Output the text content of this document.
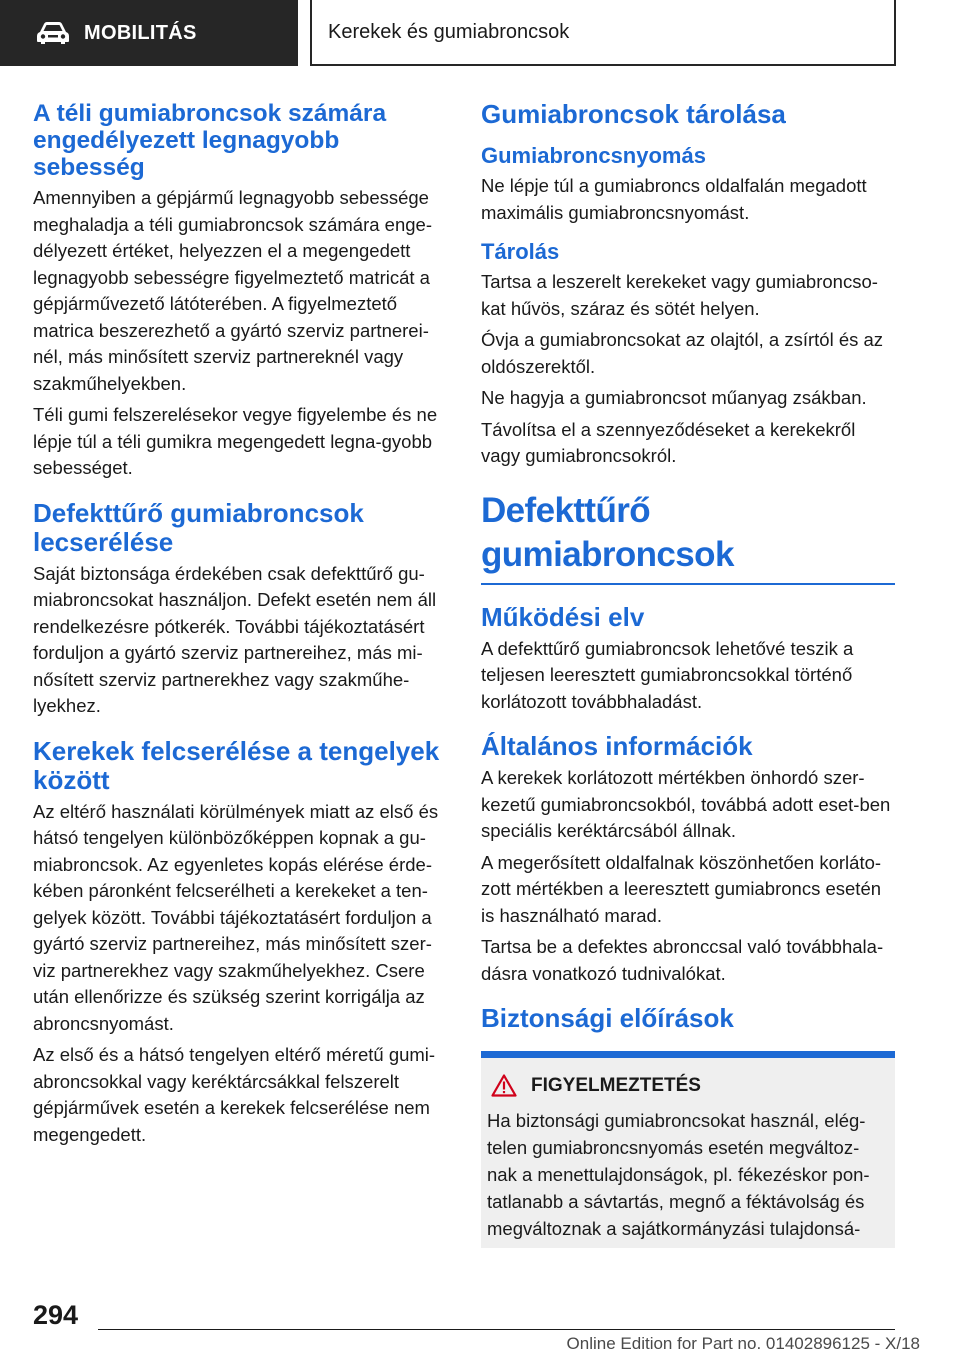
MOBILITÁS	Kerekek és gumiabroncsok
A téli gumiabroncsok számára engedélyezett legnagyobb sebesség

Amennyiben a gépjármű legnagyobb sebessége meghaladja a téli gumiabroncsok számára enge-délyezett értéket, helyezzen el a megengedett legnagyobb sebességre figyelmeztető matricát a gépjárművezető látóterében. A figyelmeztető matrica beszerezhető a gyártó szerviz partnerei-nél, más minősített szerviz partnereknél vagy szakműhelyekben.

Téli gumi felszerelésekor vegye figyelembe és ne lépje túl a téli gumikra megengedett legna-gyobb sebességet.

Defekttűrő gumiabroncsok lecserélése

Saját biztonsága érdekében csak defekttűrő gu-miabroncsokat használjon. Defekt esetén nem áll rendelkezésre pótkerék. További tájékoztatásért forduljon a gyártó szerviz partnereihez, más mi-nősített szerviz partnerekhez vagy szakműhe-lyekhez.

Kerekek felcserélése a tengelyek között

Az eltérő használati körülmények miatt az első és hátsó tengelyen különbözőképpen kopnak a gu-miabroncsok. Az egyenletes kopás elérése érde-kében páronként felcserélheti a kerekeket a ten-gelyek között. További tájékoztatásért forduljon a gyártó szerviz partnereihez, más minősített szer-viz partnerekhez vagy szakműhelyekhez. Csere után ellenőrizze és szükség szerint korrigálja az abroncsnyomást.

Az első és a hátsó tengelyen eltérő méretű gumi-abroncsokkal vagy keréktárcsákkal felszerelt gépjárművek esetén a kerekek felcserélése nem megengedett.

Gumiabroncsok tárolása
Gumiabroncsnyomás

Ne lépje túl a gumiabroncs oldalfalán megadott maximális gumiabroncsnyomást.

Tárolás

Tartsa a leszerelt kerekeket vagy gumiabroncso-kat hűvös, száraz és sötét helyen.

Óvja a gumiabroncsokat az olajtól, a zsírtól és az oldószerektől.

Ne hagyja a gumiabroncsot műanyag zsákban.

Távolítsa el a szennyeződéseket a kerekekről vagy gumiabroncsokról.

Defekttűrő gumiabroncsok
Működési elv

A defekttűrő gumiabroncsok lehetővé teszik a teljesen leeresztett gumiabroncsokkal történő korlátozott továbbhaladást.

Általános információk

A kerekek korlátozott mértékben önhordó szer-kezetű gumiabroncsokból, továbbá adott eset-ben speciális keréktárcsából állnak.

A megerősített oldalfalnak köszönhetően korláto-zott mértékben a leeresztett gumiabroncs esetén is használható marad.

Tartsa be a defektes abronccsal való továbbhala-dásra vonatkozó tudnivalókat.

Biztonsági előírások
FIGYELMEZTETÉS

Ha biztonsági gumiabroncsokat használ, elég-telen gumiabroncsnyomás esetén megváltoz-nak a menettulajdonságok, pl. fékezéskor pon-tatlanabb a sávtartás, megnő a féktávolság és megváltoznak a sajátkormányzási tulajdonsá-

294
Online Edition for Part no. 01402896125 - X/18
